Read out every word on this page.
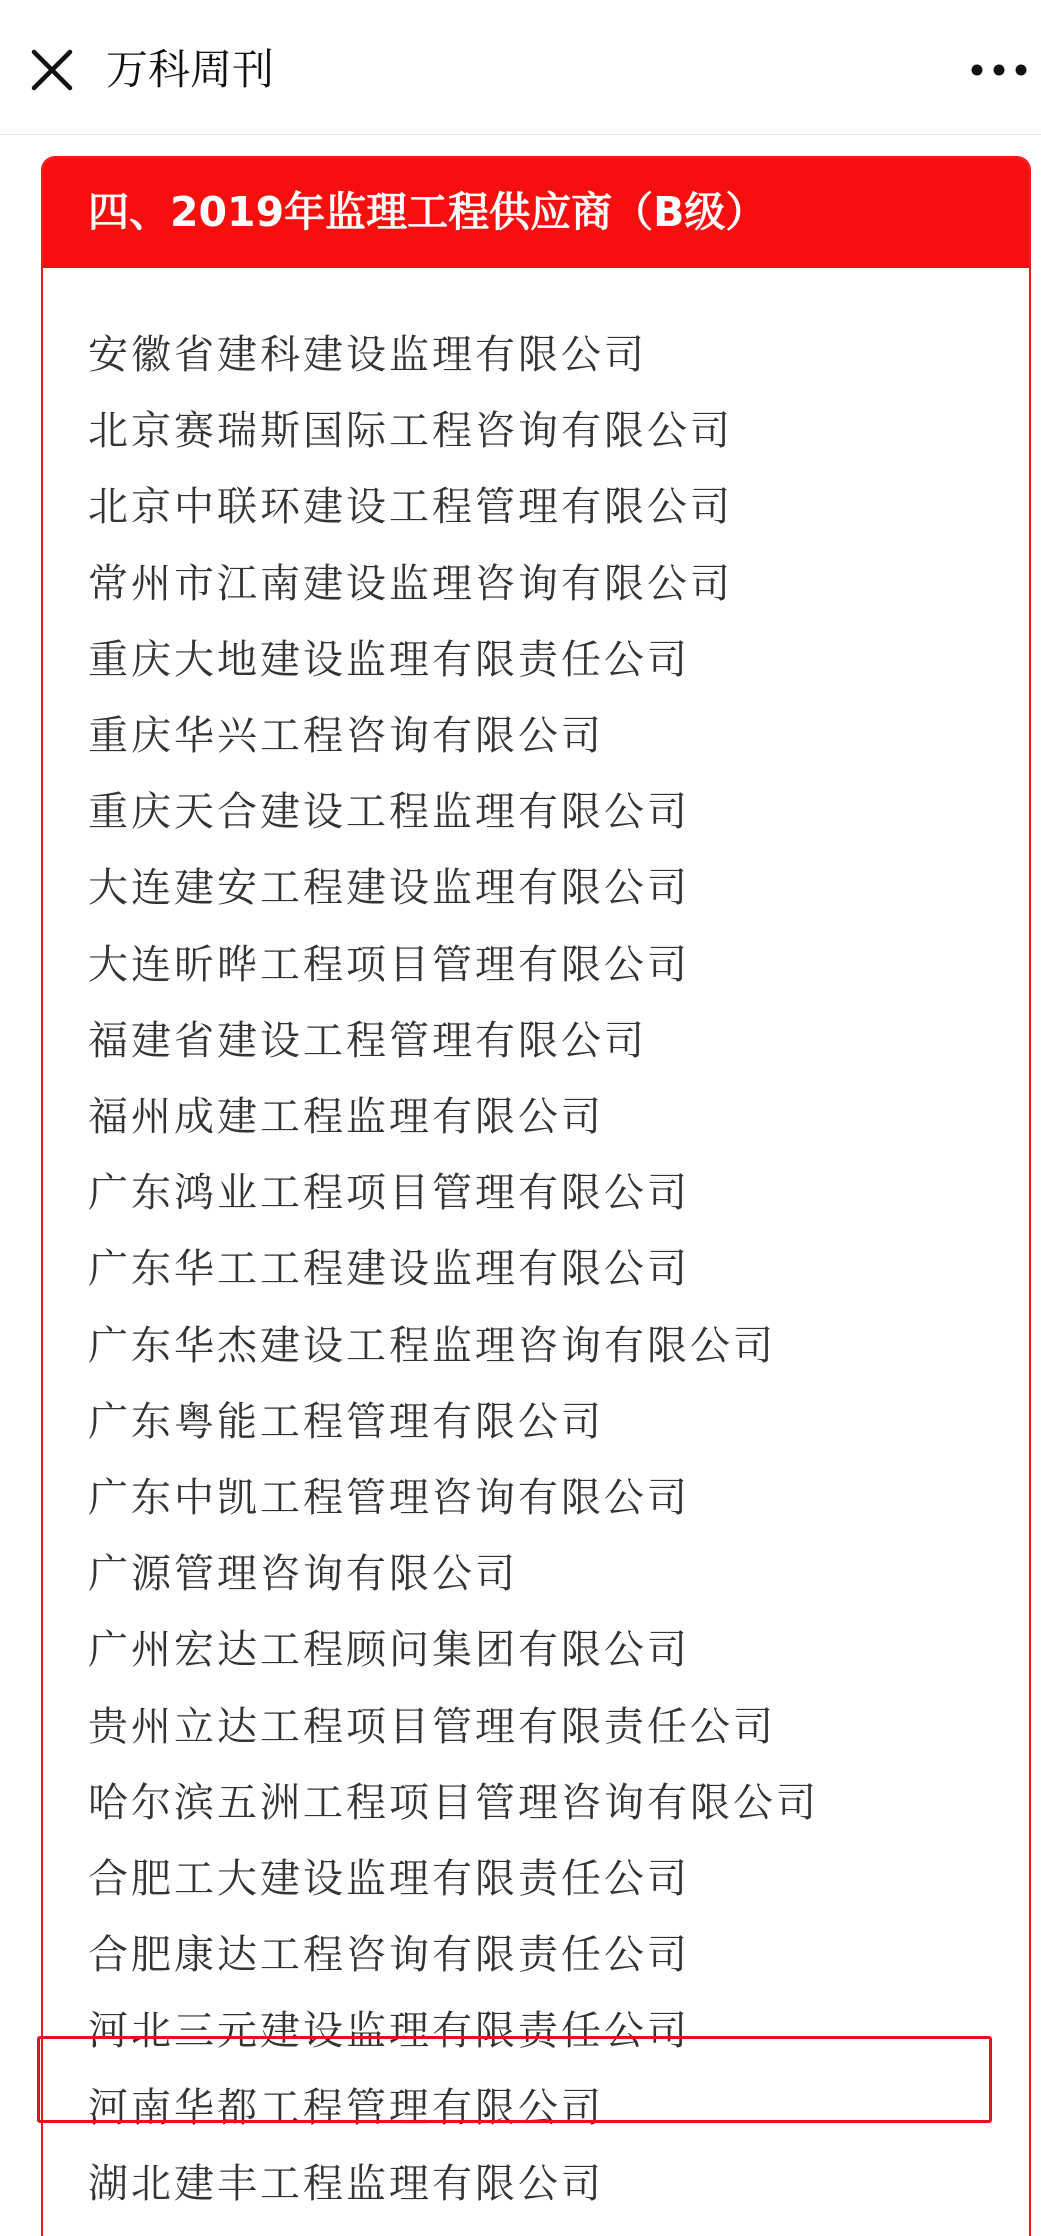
万科周刊
四、2019年监理工程供应商（B级）
安徽省建科建设监理有限公司
北京赛瑞斯国际工程咨询有限公司
北京中联环建设工程管理有限公司
常州市江南建设监理咨询有限公司
重庆大地建设监理有限责任公司
重庆华兴工程咨询有限公司
重庆天合建设工程监理有限公司
大连建安工程建设监理有限公司
大连昕晔工程项目管理有限公司
福建省建设工程管理有限公司
福州成建工程监理有限公司
广东鸿业工程项目管理有限公司
广东华工工程建设监理有限公司
广东华杰建设工程监理咨询有限公司
广东粤能工程管理有限公司
广东中凯工程管理咨询有限公司
广源管理咨询有限公司
广州宏达工程顾问集团有限公司
贵州立达工程项目管理有限责任公司
哈尔滨五洲工程项目管理咨询有限公司
合肥工大建设监理有限责任公司
合肥康达工程咨询有限责任公司
河北三元建设监理有限责任公司
河南华都工程管理有限公司
湖北建丰工程监理有限公司
